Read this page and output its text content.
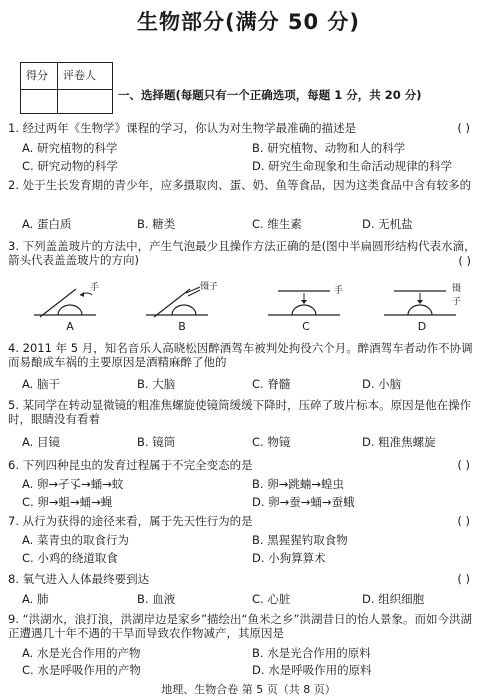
生物部分(满分 50 分)
得分 评卷人
一、选择题(每题只有一个正确选项，每题 1 分，共 20 分)
1. 经过两年《生物学》课程的学习，你认为对生物学最准确的描述是	( )
A. 研究植物的科学	B. 研究植物、动物和人的科学
C. 研究动物的科学	D. 研究生命现象和生命活动规律的科学
2. 处于生长发育期的青少年，应多摄取肉、蛋、奶、鱼等食品，因为这类食品中含有较多的
A. 蛋白质	B. 糖类	C. 维生素	D. 无机盐
3. 下列盖盖玻片的方法中，产生气泡最少且操作方法正确的是(图中半扁圆形结构代表水滴，箭头代表盖盖玻片的方向)	( )
手
A
镊子
B
手
C
镊子
D
4. 2011 年 5 月，知名音乐人高晓松因醉酒驾车被判处拘役六个月。醉酒驾车者动作不协调而易酿成车祸的主要原因是酒精麻醉了他的
A. 脑干	B. 大脑	C. 脊髓	D. 小脑
5. 某同学在转动显微镜的粗准焦螺旋使镜筒缓缓下降时，压碎了玻片标本。原因是他在操作时，眼睛没有看着
A. 目镜	B. 镜筒	C. 物镜	D. 粗准焦螺旋
6. 下列四种昆虫的发育过程属于不完全变态的是	( )
A. 卵→孑孓→蛹→蚊	B. 卵→跳蝻→蝗虫
C. 卵→蛆→蛹→蝇	D. 卵→蚕→蛹→蚕蛾
7. 从行为获得的途径来看，属于先天性行为的是	( )
A. 菜青虫的取食行为	B. 黑猩猩钓取食物
C. 小鸡的绕道取食	D. 小狗算算术
8. 氧气进入人体最终要到达	( )
A. 肺	B. 血液	C. 心脏	D. 组织细胞
9. “洪湖水，浪打浪，洪湖岸边是家乡”描绘出“鱼米之乡”洪湖昔日的怡人景象。而如今洪湖正遭遇几十年不遇的干旱而导致农作物减产，其原因是
A. 水是光合作用的产物	B. 水是光合作用的原料
C. 水是呼吸作用的产物	D. 水是呼吸作用的原料
地理、生物合卷 第 5 页（共 8 页）
